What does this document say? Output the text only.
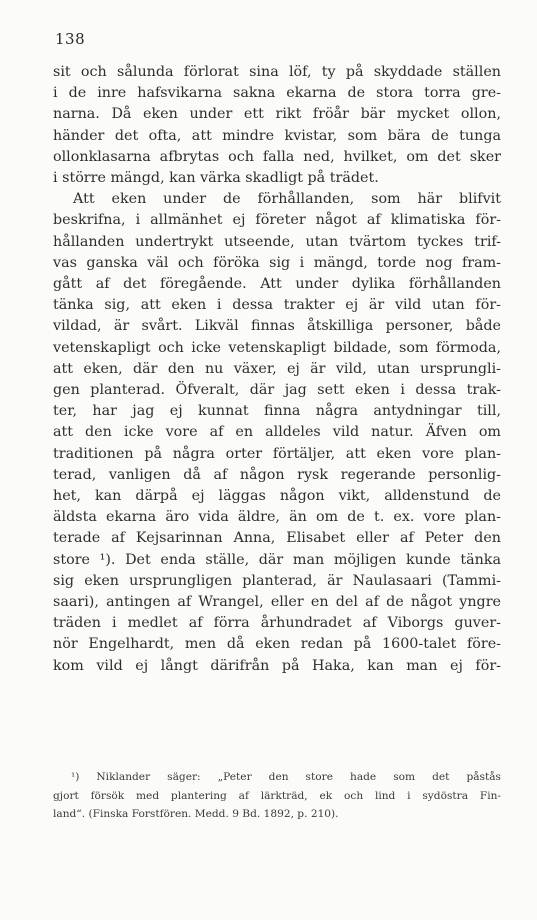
138
sit och sålunda förlorat sina löf, ty på skyddade ställen
i de inre hafsvikarna sakna ekarna de stora torra gre-
narna. Då eken under ett rikt fröår bär mycket ollon,
händer det ofta, att mindre kvistar, som bära de tunga
ollonklasarna afbrytas och falla ned, hvilket, om det sker
i större mängd, kan värka skadligt på trädet.
Att eken under de förhållanden, som här blifvit
beskrifna, i allmänhet ej företer något af klimatiska för-
hållanden undertrykt utseende, utan tvärtom tyckes trif-
vas ganska väl och föröka sig i mängd, torde nog fram-
gått af det föregående. Att under dylika förhållanden
tänka sig, att eken i dessa trakter ej är vild utan för-
vildad, är svårt. Likväl finnas åtskilliga personer, både
vetenskapligt och icke vetenskapligt bildade, som förmoda,
att eken, där den nu växer, ej är vild, utan ursprungli-
gen planterad. Öfveralt, där jag sett eken i dessa trak-
ter, har jag ej kunnat finna några antydningar till,
att den icke vore af en alldeles vild natur. Äfven om
traditionen på några orter förtäljer, att eken vore plan-
terad, vanligen då af någon rysk regerande personlig-
het, kan därpå ej läggas någon vikt, alldenstund de
äldsta ekarna äro vida äldre, än om de t. ex. vore plan-
terade af Kejsarinnan Anna, Elisabet eller af Peter den
store ¹). Det enda ställe, där man möjligen kunde tänka
sig eken ursprungligen planterad, är Naulasaari (Tammi-
saari), antingen af Wrangel, eller en del af de något yngre
träden i medlet af förra århundradet af Viborgs guver-
nör Engelhardt, men då eken redan på 1600-talet före-
kom vild ej långt därifrån på Haka, kan man ej för-
¹) Niklander säger: „Peter den store hade som det påstås
gjort försök med plantering af lärkträd, ek och lind i sydöstra Fin-
land“. (Finska Forstfören. Medd. 9 Bd. 1892, p. 210).
